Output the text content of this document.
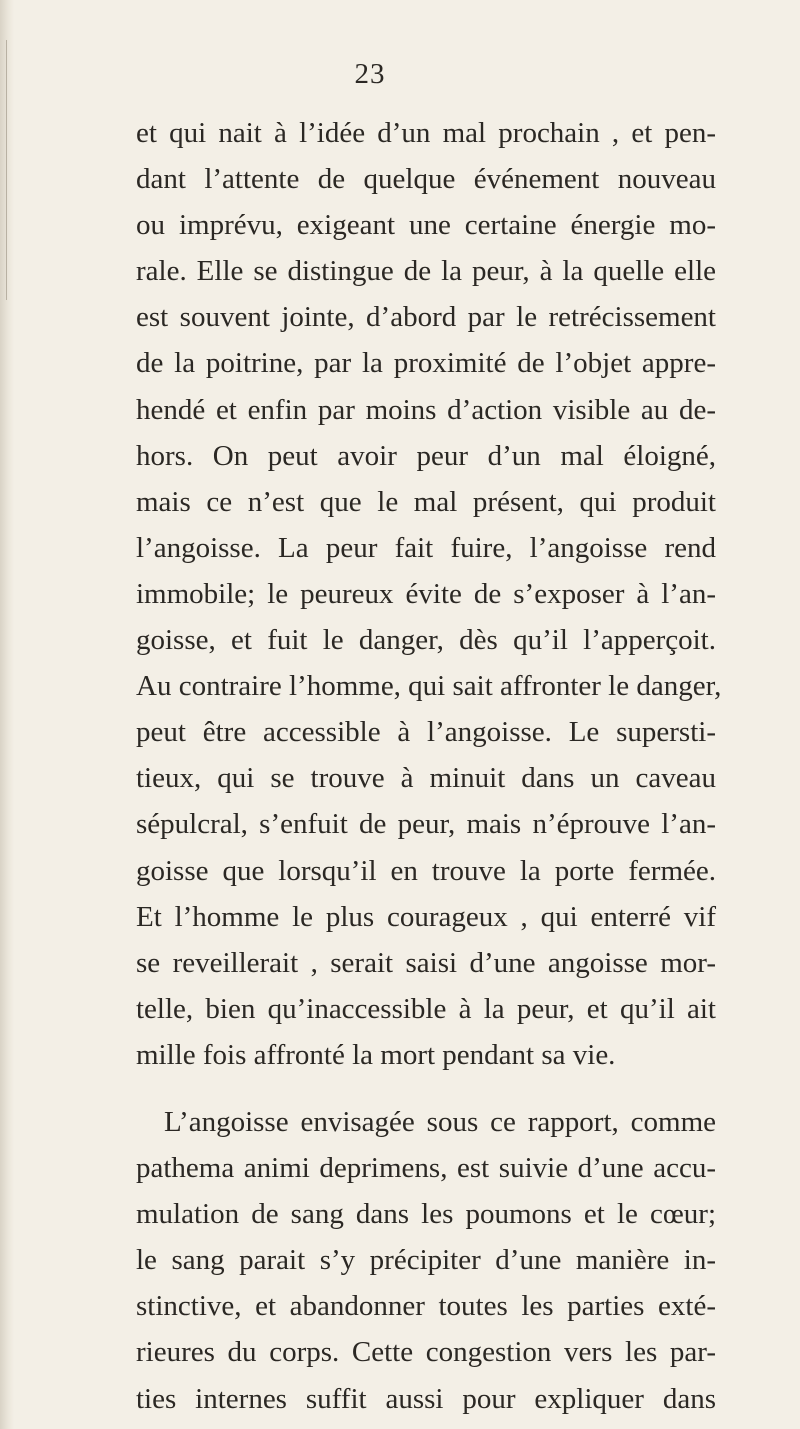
23
et qui nait à l’idée d’un mal prochain , et pen-
dant l’attente de quelque événement nouveau
ou imprévu, exigeant une certaine énergie mo-
rale. Elle se distingue de la peur, à la quelle elle
est souvent jointe, d’abord par le retrécissement
de la poitrine, par la proximité de l’objet appre-
hendé et enfin par moins d’action visible au de-
hors. On peut avoir peur d’un mal éloigné,
mais ce n’est que le mal présent, qui produit
l’angoisse. La peur fait fuire, l’angoisse rend
immobile; le peureux évite de s’exposer à l’an-
goisse, et fuit le danger, dès qu’il l’apperçoit.
Au contraire l’homme, qui sait affronter le danger,
peut être accessible à l’angoisse. Le supersti-
tieux, qui se trouve à minuit dans un caveau
sépulcral, s’enfuit de peur, mais n’éprouve l’an-
goisse que lorsqu’il en trouve la porte fermée.
Et l’homme le plus courageux , qui enterré vif
se reveillerait , serait saisi d’une angoisse mor-
telle, bien qu’inaccessible à la peur, et qu’il ait
mille fois affronté la mort pendant sa vie.
L’angoisse envisagée sous ce rapport, comme
pathema animi deprimens, est suivie d’une accu-
mulation de sang dans les poumons et le cœur;
le sang parait s’y précipiter d’une manière in-
stinctive, et abandonner toutes les parties exté-
rieures du corps. Cette congestion vers les par-
ties internes suffit aussi pour expliquer dans
